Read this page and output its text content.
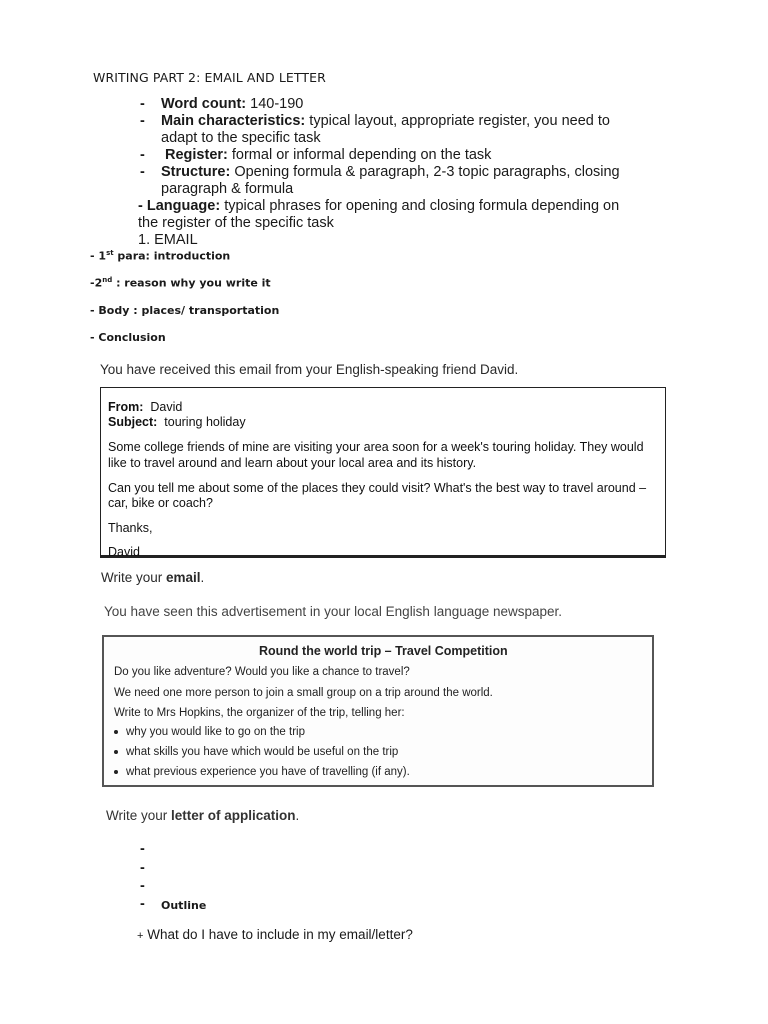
WRITING PART 2: EMAIL AND LETTER
- Word count: 140-190
- Main characteristics: typical layout, appropriate register, you need to
adapt to the specific task
- Register: formal or informal depending on the task
- Structure: Opening formula & paragraph, 2-3 topic paragraphs, closing
paragraph & formula
- Language: typical phrases for opening and closing formula depending on
the register of the specific task
1. EMAIL
- 1st para: introduction
-2nd : reason why you write it
- Body : places/ transportation
- Conclusion
You have received this email from your English-speaking friend David.
From: David
Subject: touring holiday
Some college friends of mine are visiting your area soon for a week's touring holiday. They would
like to travel around and learn about your local area and its history.
Can you tell me about some of the places they could visit? What's the best way to travel around –
car, bike or coach?
Thanks,
David
Write your email.
You have seen this advertisement in your local English language newspaper.
Round the world trip – Travel Competition
Do you like adventure? Would you like a chance to travel?
We need one more person to join a small group on a trip around the world.
Write to Mrs Hopkins, the organizer of the trip, telling her:
why you would like to go on the trip
what skills you have which would be useful on the trip
what previous experience you have of travelling (if any).
Write your letter of application.
-
-
-
- Outline
+ What do I have to include in my email/letter?
